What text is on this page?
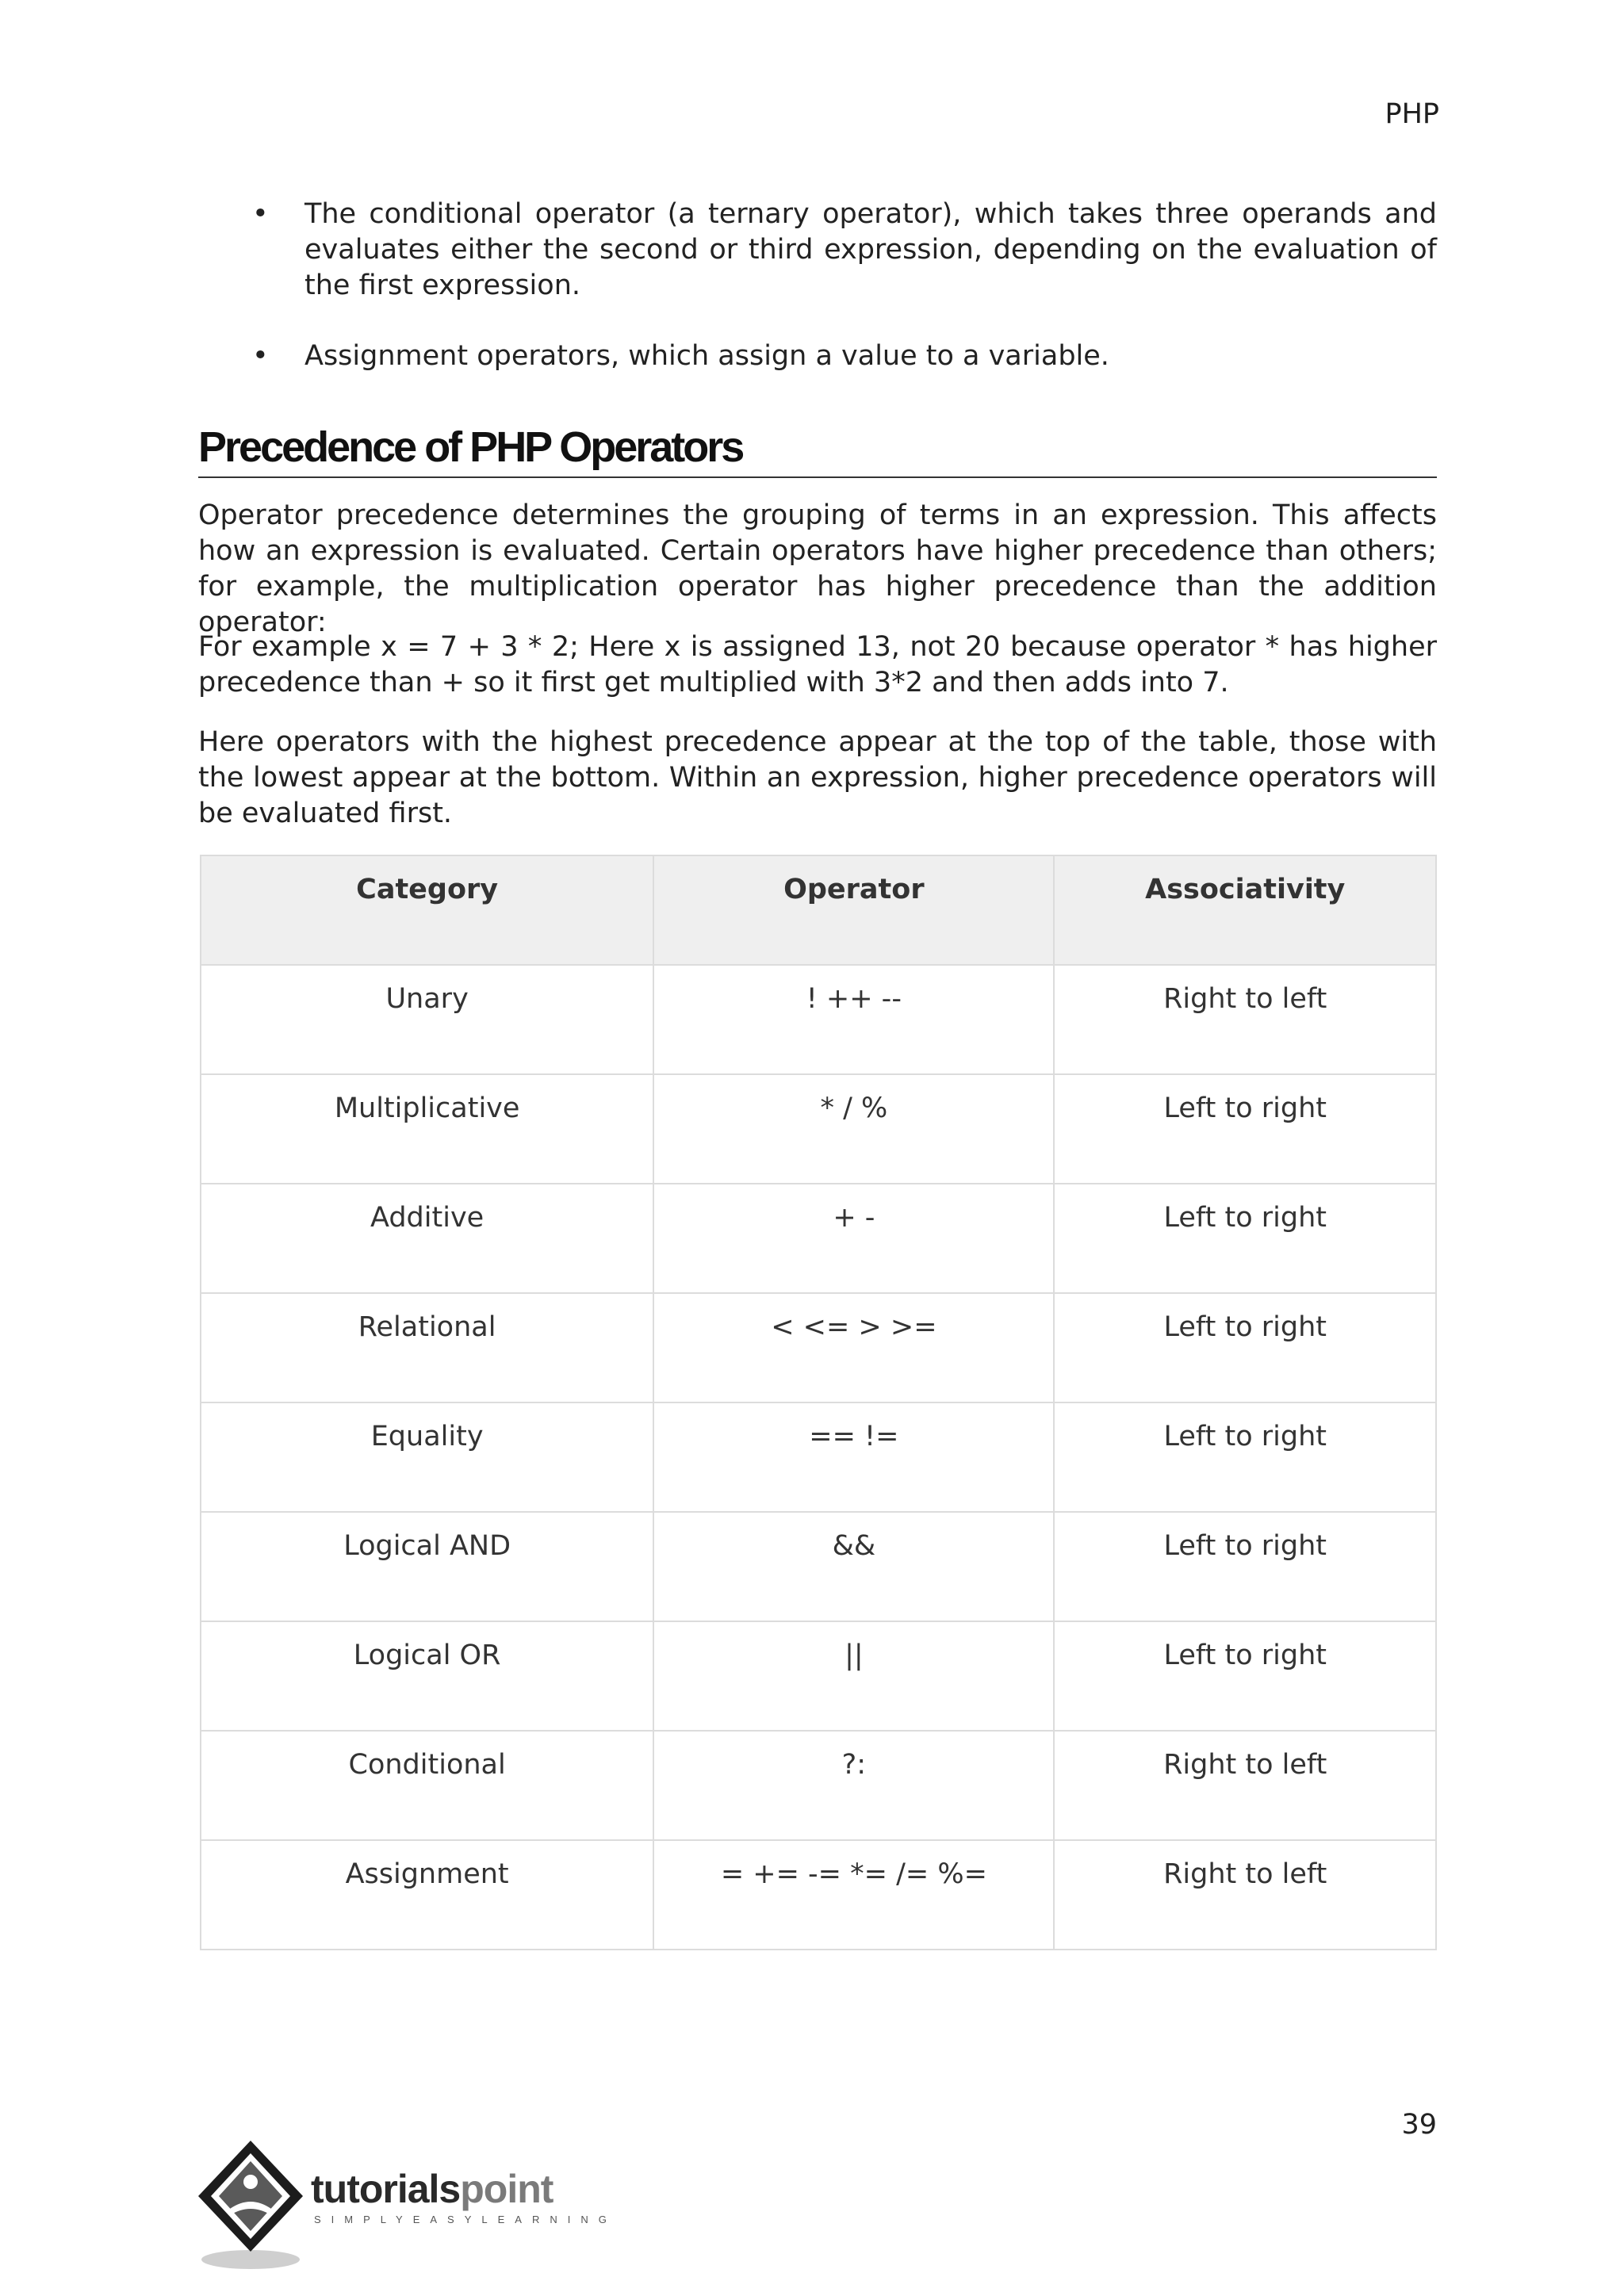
PHP
• The conditional operator (a ternary operator), which takes three operands and evaluates either the second or third expression, depending on the evaluation of the first expression.
• Assignment operators, which assign a value to a variable.
Precedence of PHP Operators

Operator precedence determines the grouping of terms in an expression. This affects how an expression is evaluated. Certain operators have higher precedence than others; for example, the multiplication operator has higher precedence than the addition operator:

For example x = 7 + 3 * 2; Here x is assigned 13, not 20 because operator * has higher precedence than + so it first get multiplied with 3*2 and then adds into 7.

Here operators with the highest precedence appear at the top of the table, those with the lowest appear at the bottom. Within an expression, higher precedence operators will be evaluated first.

Category	Operator	Associativity
Unary	! ++ --	Right to left
Multiplicative	* / %	Left to right
Additive	+ -	Left to right
Relational	< <= > >=	Left to right
Equality	== !=	Left to right
Logical AND	&&	Left to right
Logical OR	||	Left to right
Conditional	?:	Right to left
Assignment	= += -= *= /= %=	Right to left
39
tutorialspoint
SIMPLYEASYLEARNING
